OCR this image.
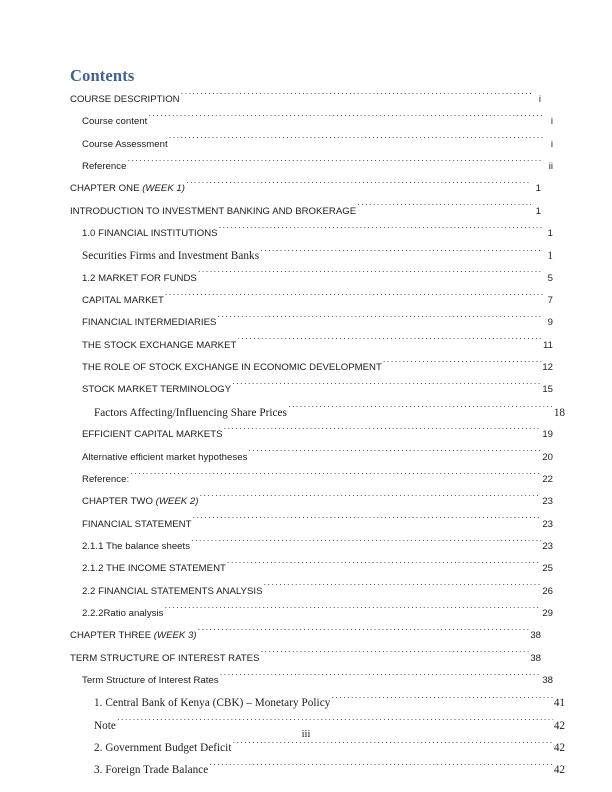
Contents
COURSE DESCRIPTION .....	i
Course content .....	i
Course Assessment .....	i
Reference .....	ii
CHAPTER ONE (WEEK 1) .....	1
INTRODUCTION TO INVESTMENT BANKING AND BROKERAGE .....	1
1.0 FINANCIAL INSTITUTIONS .....	1
Securities Firms and Investment Banks .....	1
1.2 MARKET FOR FUNDS .....	5
CAPITAL MARKET .....	7
FINANCIAL INTERMEDIARIES .....	9
THE STOCK EXCHANGE MARKET .....	11
THE ROLE OF STOCK EXCHANGE IN ECONOMIC DEVELOPMENT .....	12
STOCK MARKET TERMINOLOGY .....	15
Factors Affecting/Influencing Share Prices .....	18
EFFICIENT CAPITAL MARKETS .....	19
Alternative efficient market hypotheses .....	20
Reference: .....	22
CHAPTER TWO (WEEK 2) .....	23
FINANCIAL STATEMENT .....	23
2.1.1 The balance sheets .....	23
2.1.2 THE INCOME STATEMENT .....	25
2.2 FINANCIAL STATEMENTS ANALYSIS .....	26
2.2.2Ratio analysis .....	29
CHAPTER THREE (WEEK 3) .....	38
TERM STRUCTURE OF INTEREST RATES .....	38
Term Structure of Interest Rates .....	38
1. Central Bank of Kenya (CBK) – Monetary Policy .....	41
Note .....	42
2. Government Budget Deficit .....	42
3. Foreign Trade Balance .....	42
iii
